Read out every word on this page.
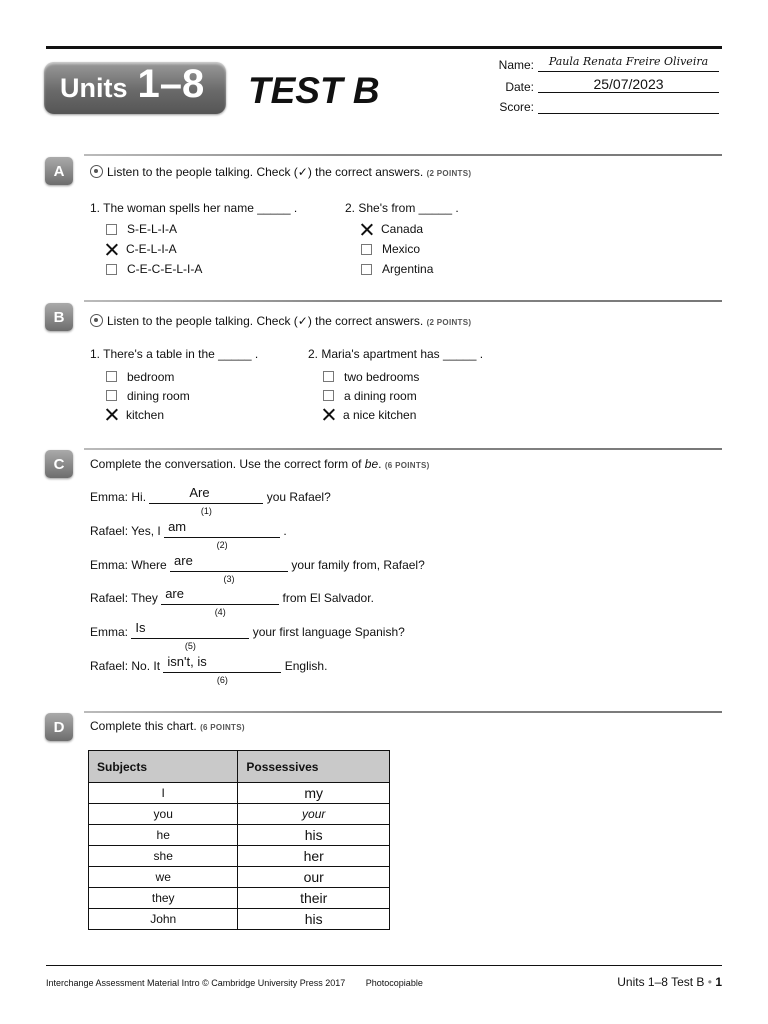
Units 1–8 TEST B
Name:	Paula Renata Freire Oliveira
Date:	25/07/2023
Score:
A	Listen to the people talking. Check (✓) the correct answers. (2 POINTS)
1. The woman spells her name _____ .
S-E-L-I-A
C-E-L-I-A
C-E-C-E-L-I-A
2. She's from _____ .
Canada
Mexico
Argentina
B	Listen to the people talking. Check (✓) the correct answers. (2 POINTS)
1. There's a table in the _____ .
bedroom
dining room
kitchen
2. Maria's apartment has _____ .
two bedrooms
a dining room
a nice kitchen
C	Complete the conversation. Use the correct form of be. (6 POINTS)
Emma: Hi.	Are
(1)
you Rafael?
Rafael: Yes, I am
(2)
.
Emma: Where are
(3)
your family from, Rafael?
Rafael: They are
(4)
from El Salvador.
Emma: Is
(5)
your first language Spanish?
Rafael: No. It isn't, is
(6)
English.
D	Complete this chart. (6 POINTS)
Subjects	Possessives
I	my
you	your
he	his
she	her
we	our
they	their
John	his
Interchange Assessment Material Intro © Cambridge University Press 2017 Photocopiable	Units 1–8 Test B • 1
